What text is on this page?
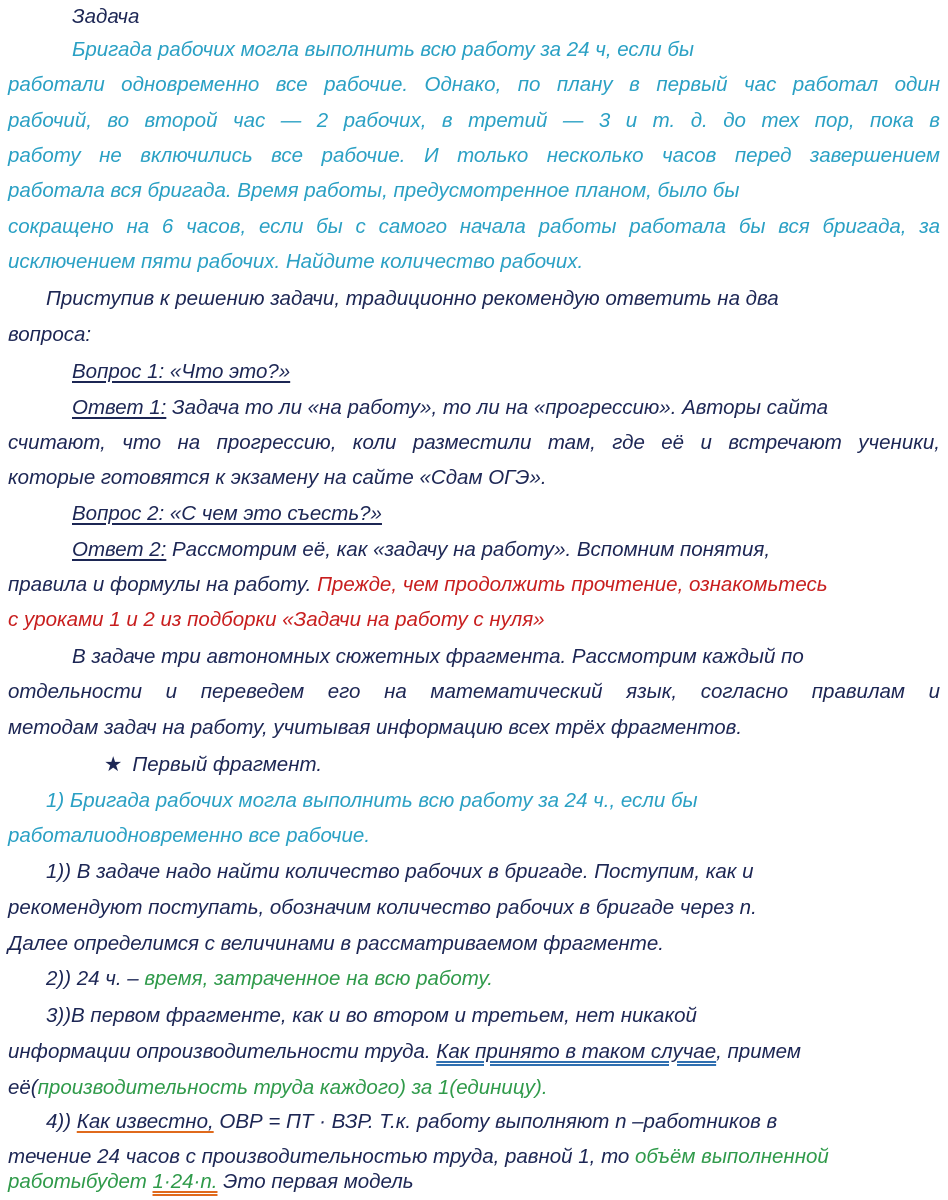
Задача
Бригада рабочих могла выполнить всю работу за 24 ч, если бы
работали одновременно все рабочие. Однако, по плану в первый час работал один
рабочий, во второй час — 2 рабочих, в третий — 3 и т. д. до тех пор, пока в
работу не включились все рабочие. И только несколько часов перед завершением
работала вся бригада. Время работы, предусмотренное планом, было бы
сокращено на 6 часов, если бы с самого начала работы работала бы вся бригада, за
исключением пяти рабочих. Найдите количество рабочих.
Приступив к решению задачи, традиционно рекомендую ответить на два
вопроса:
Вопрос 1: «Что это?»
Ответ 1: Задача то ли «на работу», то ли на «прогрессию». Авторы сайта
считают, что на прогрессию, коли разместили там, где её и встречают ученики,
которые готовятся к экзамену на сайте «Сдам ОГЭ».
Вопрос 2: «С чем это съесть?»
Ответ 2: Рассмотрим её, как «задачу на работу». Вспомним понятия,
правила и формулы на работу. Прежде, чем продолжить прочтение, ознакомьтесь
с уроками 1 и 2 из подборки «Задачи на работу с нуля»
В задаче три автономных сюжетных фрагмента. Рассмотрим каждый по
отдельности и переведем его на математический язык, согласно правилам и
методам задач на работу, учитывая информацию всех трёх фрагментов.
★ Первый фрагмент.
1) Бригада рабочих могла выполнить всю работу за 24 ч., если бы
работалиодновременно все рабочие.
1)) В задаче надо найти количество рабочих в бригаде. Поступим, как и
рекомендуют поступать, обозначим количество рабочих в бригаде через n.
Далее определимся с величинами в рассматриваемом фрагменте.
2)) 24 ч. – время, затраченное на всю работу.
3))В первом фрагменте, как и во втором и третьем, нет никакой
информации опроизводительности труда. Как принято в таком случае, примем
её(производительность труда каждого) за 1(единицу).
4)) Как известно, ОВР = ПТ · ВЗР. Т.к. работу выполняют n –работников в
течение 24 часов с производительностью труда, равной 1, то объём выполненной
работыбудет 1·24·n. Это первая модель
